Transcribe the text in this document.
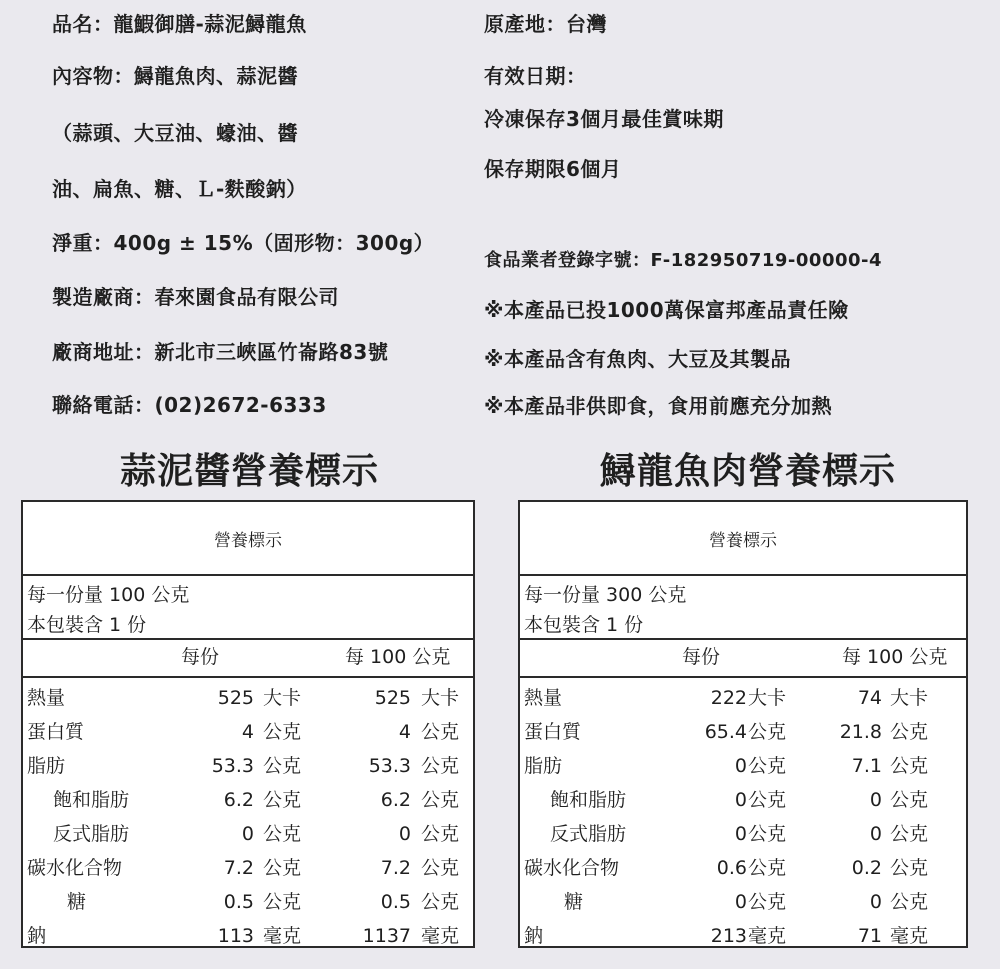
品名：龍鰕御膳-蒜泥鱘龍魚
內容物：鱘龍魚肉、蒜泥醬
（蒜頭、大豆油、蠔油、醬
油、扁魚、糖、Ｌ-麩酸鈉）
淨重：400g ± 15%（固形物：300g）
製造廠商：春來園食品有限公司
廠商地址：新北市三峽區竹崙路83號
聯絡電話：(02)2672-6333
原產地：台灣
有效日期：
冷凍保存3個月最佳賞味期
保存期限6個月
食品業者登錄字號：F-182950719-00000-4
※本產品已投1000萬保富邦產品責任險
※本產品含有魚肉、大豆及其製品
※本產品非供即食，食用前應充分加熱
蒜泥醬營養標示	鱘龍魚肉營養標示
營養標示
每一份量 100 公克
本包裝含 1 份
每份	每 100 公克
熱量	525 大卡	525 大卡
蛋白質	4 公克	4 公克
脂肪	53.3 公克	53.3 公克
飽和脂肪	6.2 公克	6.2 公克
反式脂肪	0 公克	0 公克
碳水化合物	7.2 公克	7.2 公克
糖	0.5 公克	0.5 公克
鈉	113 毫克	1137 毫克
營養標示
每一份量 300 公克
本包裝含 1 份
每份	每 100 公克
熱量	222 大卡	74 大卡
蛋白質	65.4 公克	21.8 公克
脂肪	0 公克	7.1 公克
飽和脂肪	0 公克	0 公克
反式脂肪	0 公克	0 公克
碳水化合物	0.6 公克	0.2 公克
糖	0 公克	0 公克
鈉	213 毫克	71 毫克
